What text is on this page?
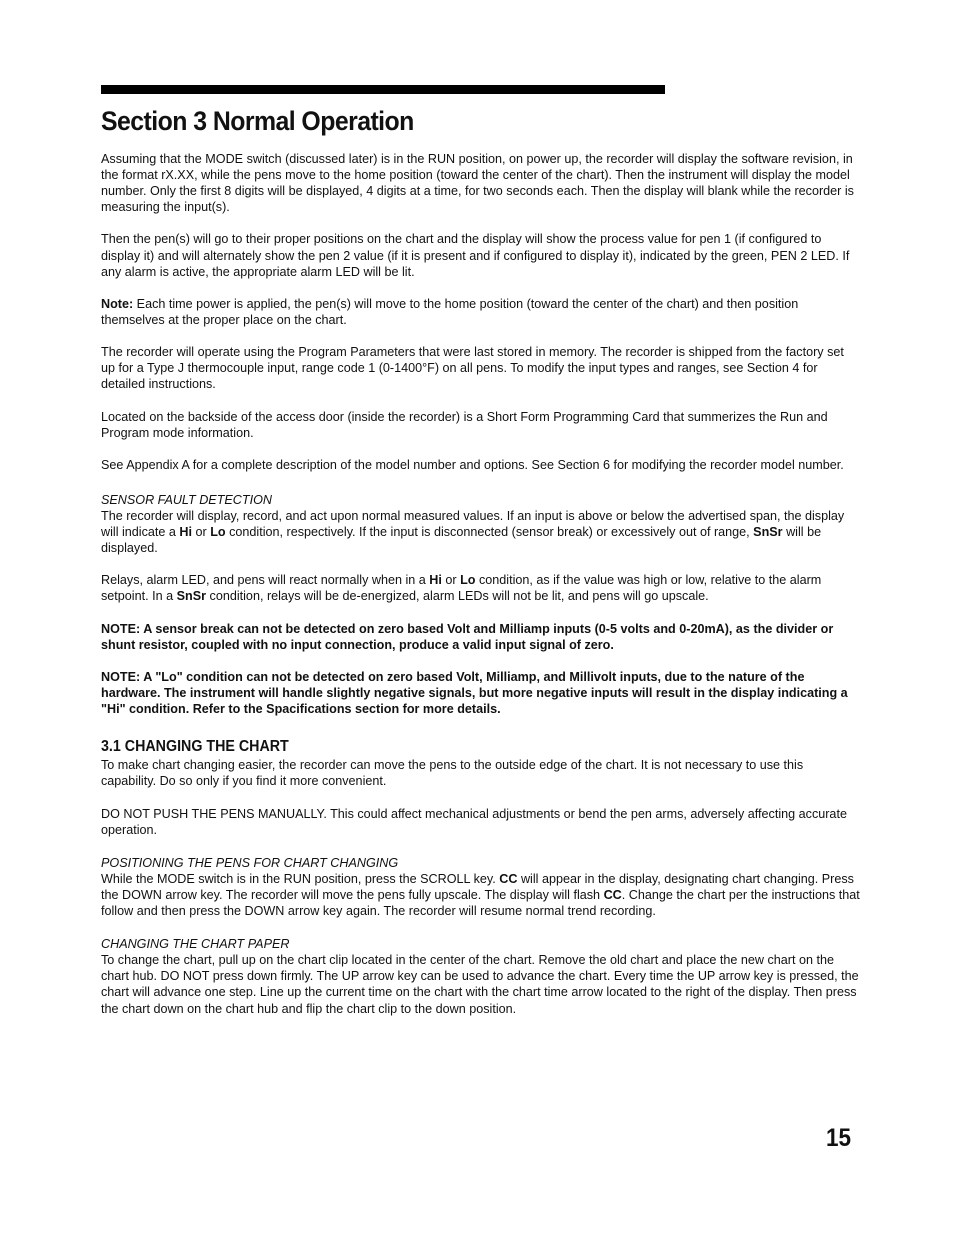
Section 3 Normal Operation

Assuming that the MODE switch (discussed later) is in the RUN position, on power up, the recorder will display the software revision, in the format rX.XX, while the pens move to the home position (toward the center of the chart). Then the instrument will display the model number. Only the first 8 digits will be displayed, 4 digits at a time, for two seconds each. Then the display will blank while the recorder is measuring the input(s).

Then the pen(s) will go to their proper positions on the chart and the display will show the process value for pen 1 (if configured to display it) and will alternately show the pen 2 value (if it is present and if configured to display it), indicated by the green, PEN 2 LED. If any alarm is active, the appropriate alarm LED will be lit.

Note: Each time power is applied, the pen(s) will move to the home position (toward the center of the chart) and then position themselves at the proper place on the chart.

The recorder will operate using the Program Parameters that were last stored in memory. The recorder is shipped from the factory set up for a Type J thermocouple input, range code 1 (0-1400°F) on all pens. To modify the input types and ranges, see Section 4 for detailed instructions.

Located on the backside of the access door (inside the recorder) is a Short Form Programming Card that summerizes the Run and Program mode information.

See Appendix A for a complete description of the model number and options. See Section 6 for modifying the recorder model number.

SENSOR FAULT DETECTION

The recorder will display, record, and act upon normal measured values. If an input is above or below the advertised span, the display will indicate a Hi or Lo condition, respectively. If the input is disconnected (sensor break) or excessively out of range, SnSr will be displayed.

Relays, alarm LED, and pens will react normally when in a Hi or Lo condition, as if the value was high or low, relative to the alarm setpoint. In a SnSr condition, relays will be de-energized, alarm LEDs will not be lit, and pens will go upscale.

NOTE: A sensor break can not be detected on zero based Volt and Milliamp inputs (0-5 volts and 0-20mA), as the divider or shunt resistor, coupled with no input connection, produce a valid input signal of zero.

NOTE: A "Lo" condition can not be detected on zero based Volt, Milliamp, and Millivolt inputs, due to the nature of the hardware. The instrument will handle slightly negative signals, but more negative inputs will result in the display indicating a "Hi" condition. Refer to the Spacifications section for more details.

3.1 CHANGING THE CHART

To make chart changing easier, the recorder can move the pens to the outside edge of the chart. It is not necessary to use this capability. Do so only if you find it more convenient.

DO NOT PUSH THE PENS MANUALLY. This could affect mechanical adjustments or bend the pen arms, adversely affecting accurate operation.

POSITIONING THE PENS FOR CHART CHANGING

While the MODE switch is in the RUN position, press the SCROLL key. CC will appear in the display, designating chart changing. Press the DOWN arrow key. The recorder will move the pens fully upscale. The display will flash CC. Change the chart per the instructions that follow and then press the DOWN arrow key again. The recorder will resume normal trend recording.

CHANGING THE CHART PAPER

To change the chart, pull up on the chart clip located in the center of the chart. Remove the old chart and place the new chart on the chart hub. DO NOT press down firmly. The UP arrow key can be used to advance the chart. Every time the UP arrow key is pressed, the chart will advance one step. Line up the current time on the chart with the chart time arrow located to the right of the display. Then press the chart down on the chart hub and flip the chart clip to the down position.

15
